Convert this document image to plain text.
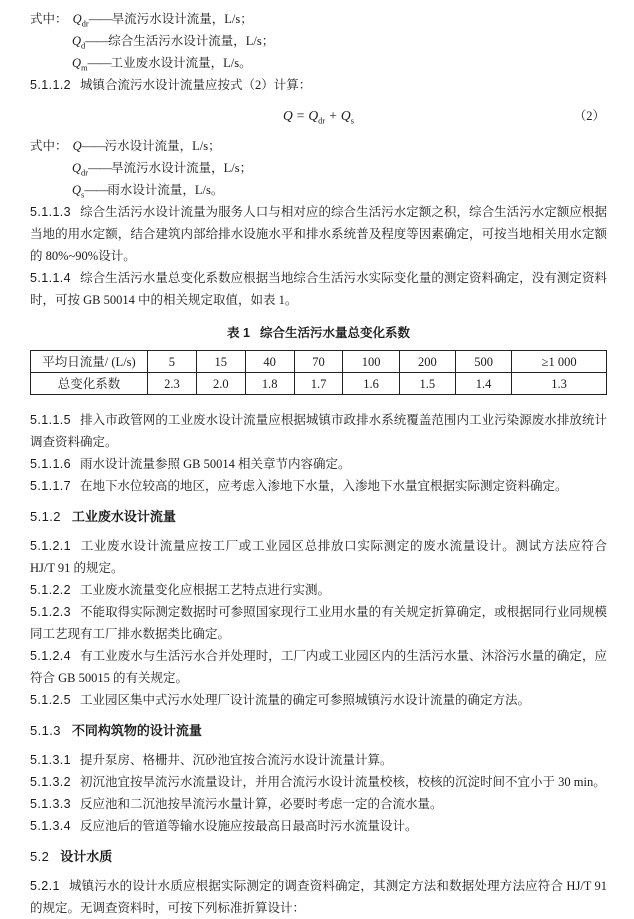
式中： $Q_{dr}——$旱流污水设计流量，L/s；
$Q_d——$综合生活污水设计流量，L/s；
$Q_m——$工业废水设计流量，L/s。

5.1.1.2 城镇合流污水设计流量应按式（2）计算：

$Q = Q_{dr} + Q_s$	（2）
式中： Q——污水设计流量，L/s；
$Q_{dr}——$旱流污水设计流量，L/s；
$Q_s——$雨水设计流量，L/s。

5.1.1.3 综合生活污水设计流量为服务人口与相对应的综合生活污水定额之积，综合生活污水定额应根据当地的用水定额，结合建筑内部给排水设施水平和排水系统普及程度等因素确定，可按当地相关用水定额的 80%~90%设计。

5.1.1.4 综合生活污水量总变化系数应根据当地综合生活污水实际变化量的测定资料确定，没有测定资料时，可按 GB 50014 中的相关规定取值，如表 1。

表 1 综合生活污水量总变化系数
平均日流量/ (L/s)	5	15	40	70	100	200	500	≥1 000
总变化系数	2.3	2.0	1.8	1.7	1.6	1.5	1.4	1.3

5.1.1.5 排入市政管网的工业废水设计流量应根据城镇市政排水系统覆盖范围内工业污染源废水排放统计调查资料确定。

5.1.1.6 雨水设计流量参照 GB 50014 相关章节内容确定。

5.1.1.7 在地下水位较高的地区，应考虑入渗地下水量，入渗地下水量宜根据实际测定资料确定。

5.1.2 工业废水设计流量

5.1.2.1 工业废水设计流量应按工厂或工业园区总排放口实际测定的废水流量设计。测试方法应符合 HJ/T 91 的规定。

5.1.2.2 工业废水流量变化应根据工艺特点进行实测。

5.1.2.3 不能取得实际测定数据时可参照国家现行工业用水量的有关规定折算确定，或根据同行业同规模同工艺现有工厂排水数据类比确定。

5.1.2.4 有工业废水与生活污水合并处理时，工厂内或工业园区内的生活污水量、沐浴污水量的确定，应符合 GB 50015 的有关规定。

5.1.2.5 工业园区集中式污水处理厂设计流量的确定可参照城镇污水设计流量的确定方法。

5.1.3 不同构筑物的设计流量

5.1.3.1 提升泵房、格栅井、沉砂池宜按合流污水设计流量计算。

5.1.3.2 初沉池宜按旱流污水流量设计，并用合流污水设计流量校核，校核的沉淀时间不宜小于 30 min。

5.1.3.3 反应池和二沉池按旱流污水量计算，必要时考虑一定的合流水量。

5.1.3.4 反应池后的管道等输水设施应按最高日最高时污水流量设计。

5.2 设计水质

5.2.1 城镇污水的设计水质应根据实际测定的调查资料确定，其测定方法和数据处理方法应符合 HJ/T 91 的规定。无调查资料时，可按下列标准折算设计：
